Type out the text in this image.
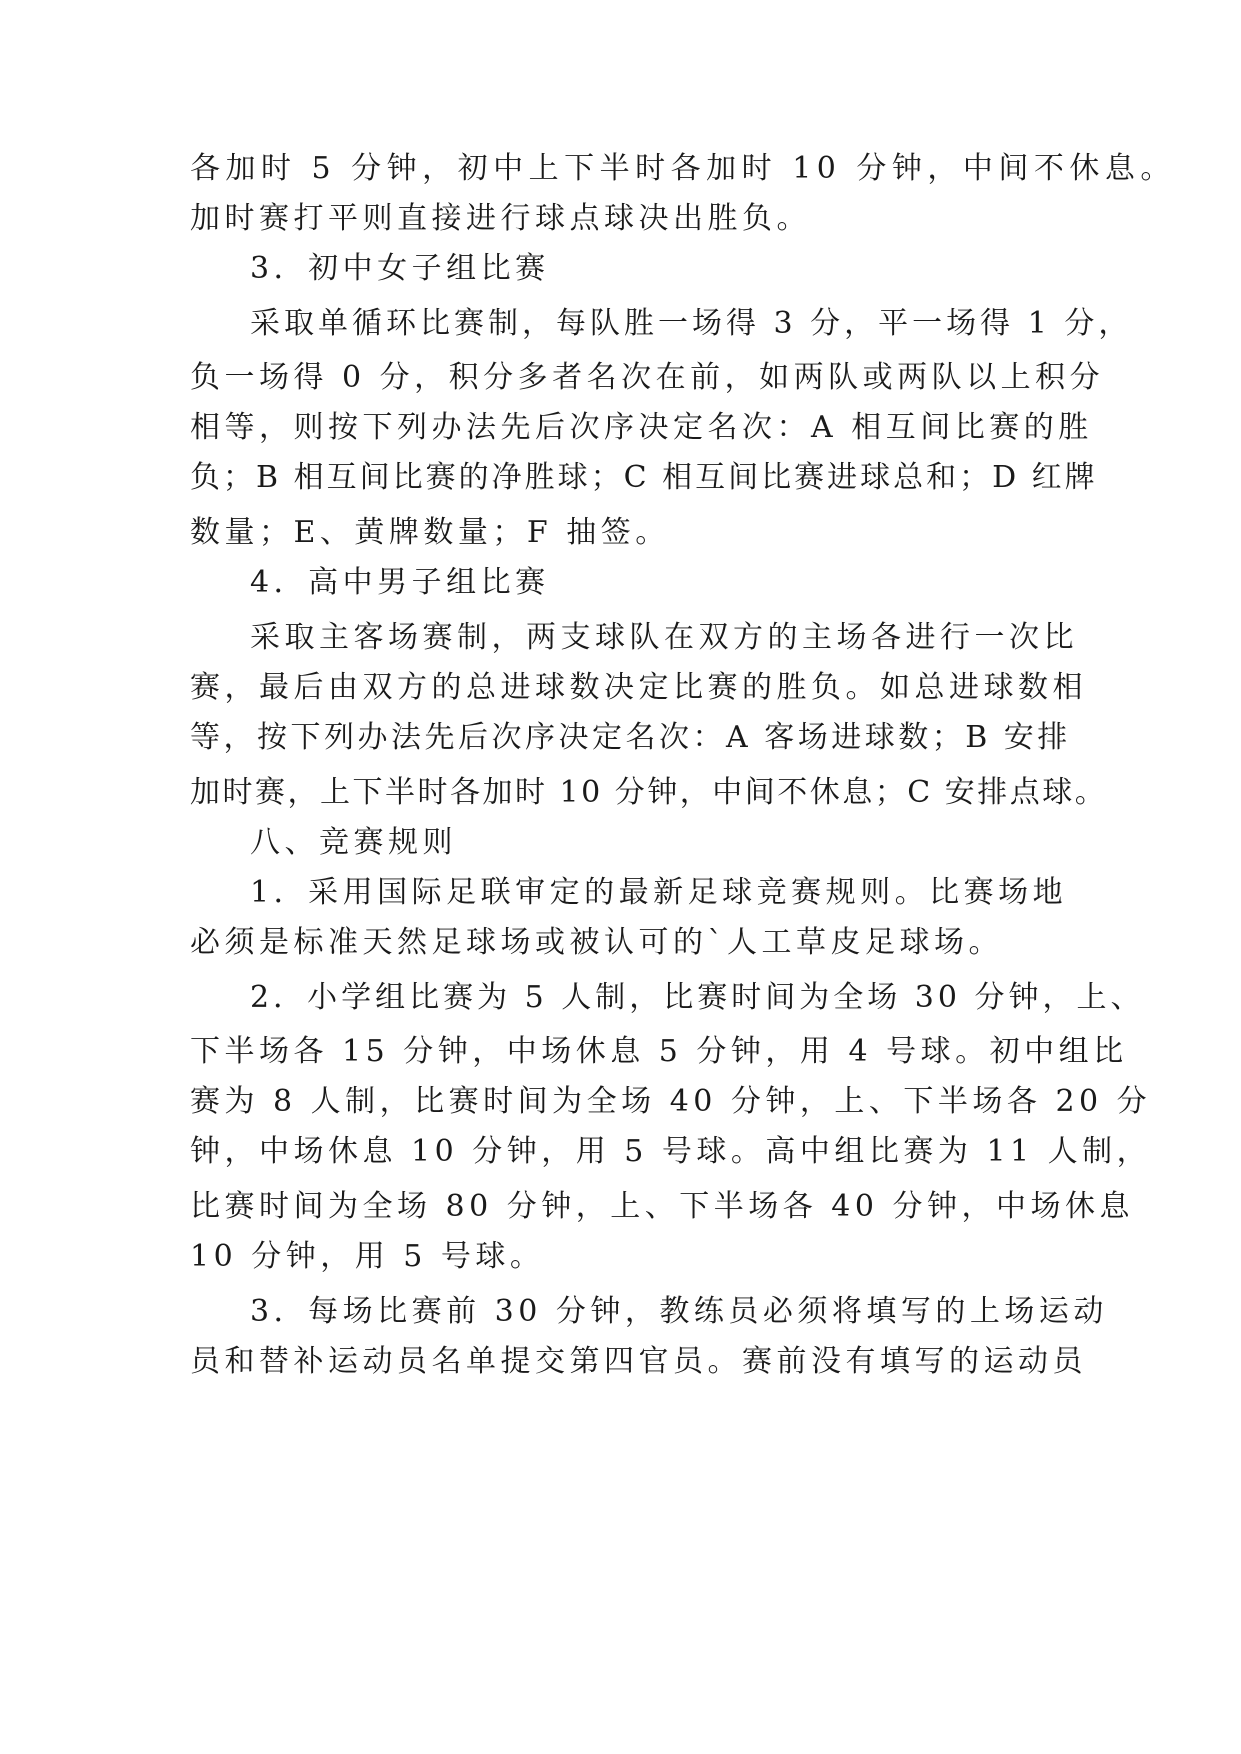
各加时 5 分钟，初中上下半时各加时 10 分钟，中间不休息。
加时赛打平则直接进行球点球决出胜负。
3．初中女子组比赛
采取单循环比赛制，每队胜一场得 3 分，平一场得 1 分，
负一场得 0 分，积分多者名次在前，如两队或两队以上积分
相等，则按下列办法先后次序决定名次：A 相互间比赛的胜
负；B 相互间比赛的净胜球；C 相互间比赛进球总和；D 红牌
数量；E、黄牌数量；F 抽签。
4．高中男子组比赛
采取主客场赛制，两支球队在双方的主场各进行一次比
赛，最后由双方的总进球数决定比赛的胜负。如总进球数相
等，按下列办法先后次序决定名次：A 客场进球数；B 安排
加时赛，上下半时各加时 10 分钟，中间不休息；C 安排点球。
八、竞赛规则
1．采用国际足联审定的最新足球竞赛规则。比赛场地
必须是标准天然足球场或被认可的`人工草皮足球场。
2．小学组比赛为 5 人制，比赛时间为全场 30 分钟，上、
下半场各 15 分钟，中场休息 5 分钟，用 4 号球。初中组比
赛为 8 人制，比赛时间为全场 40 分钟，上、下半场各 20 分
钟，中场休息 10 分钟，用 5 号球。高中组比赛为 11 人制，
比赛时间为全场 80 分钟，上、下半场各 40 分钟，中场休息
10 分钟，用 5 号球。
3．每场比赛前 30 分钟，教练员必须将填写的上场运动
员和替补运动员名单提交第四官员。赛前没有填写的运动员
